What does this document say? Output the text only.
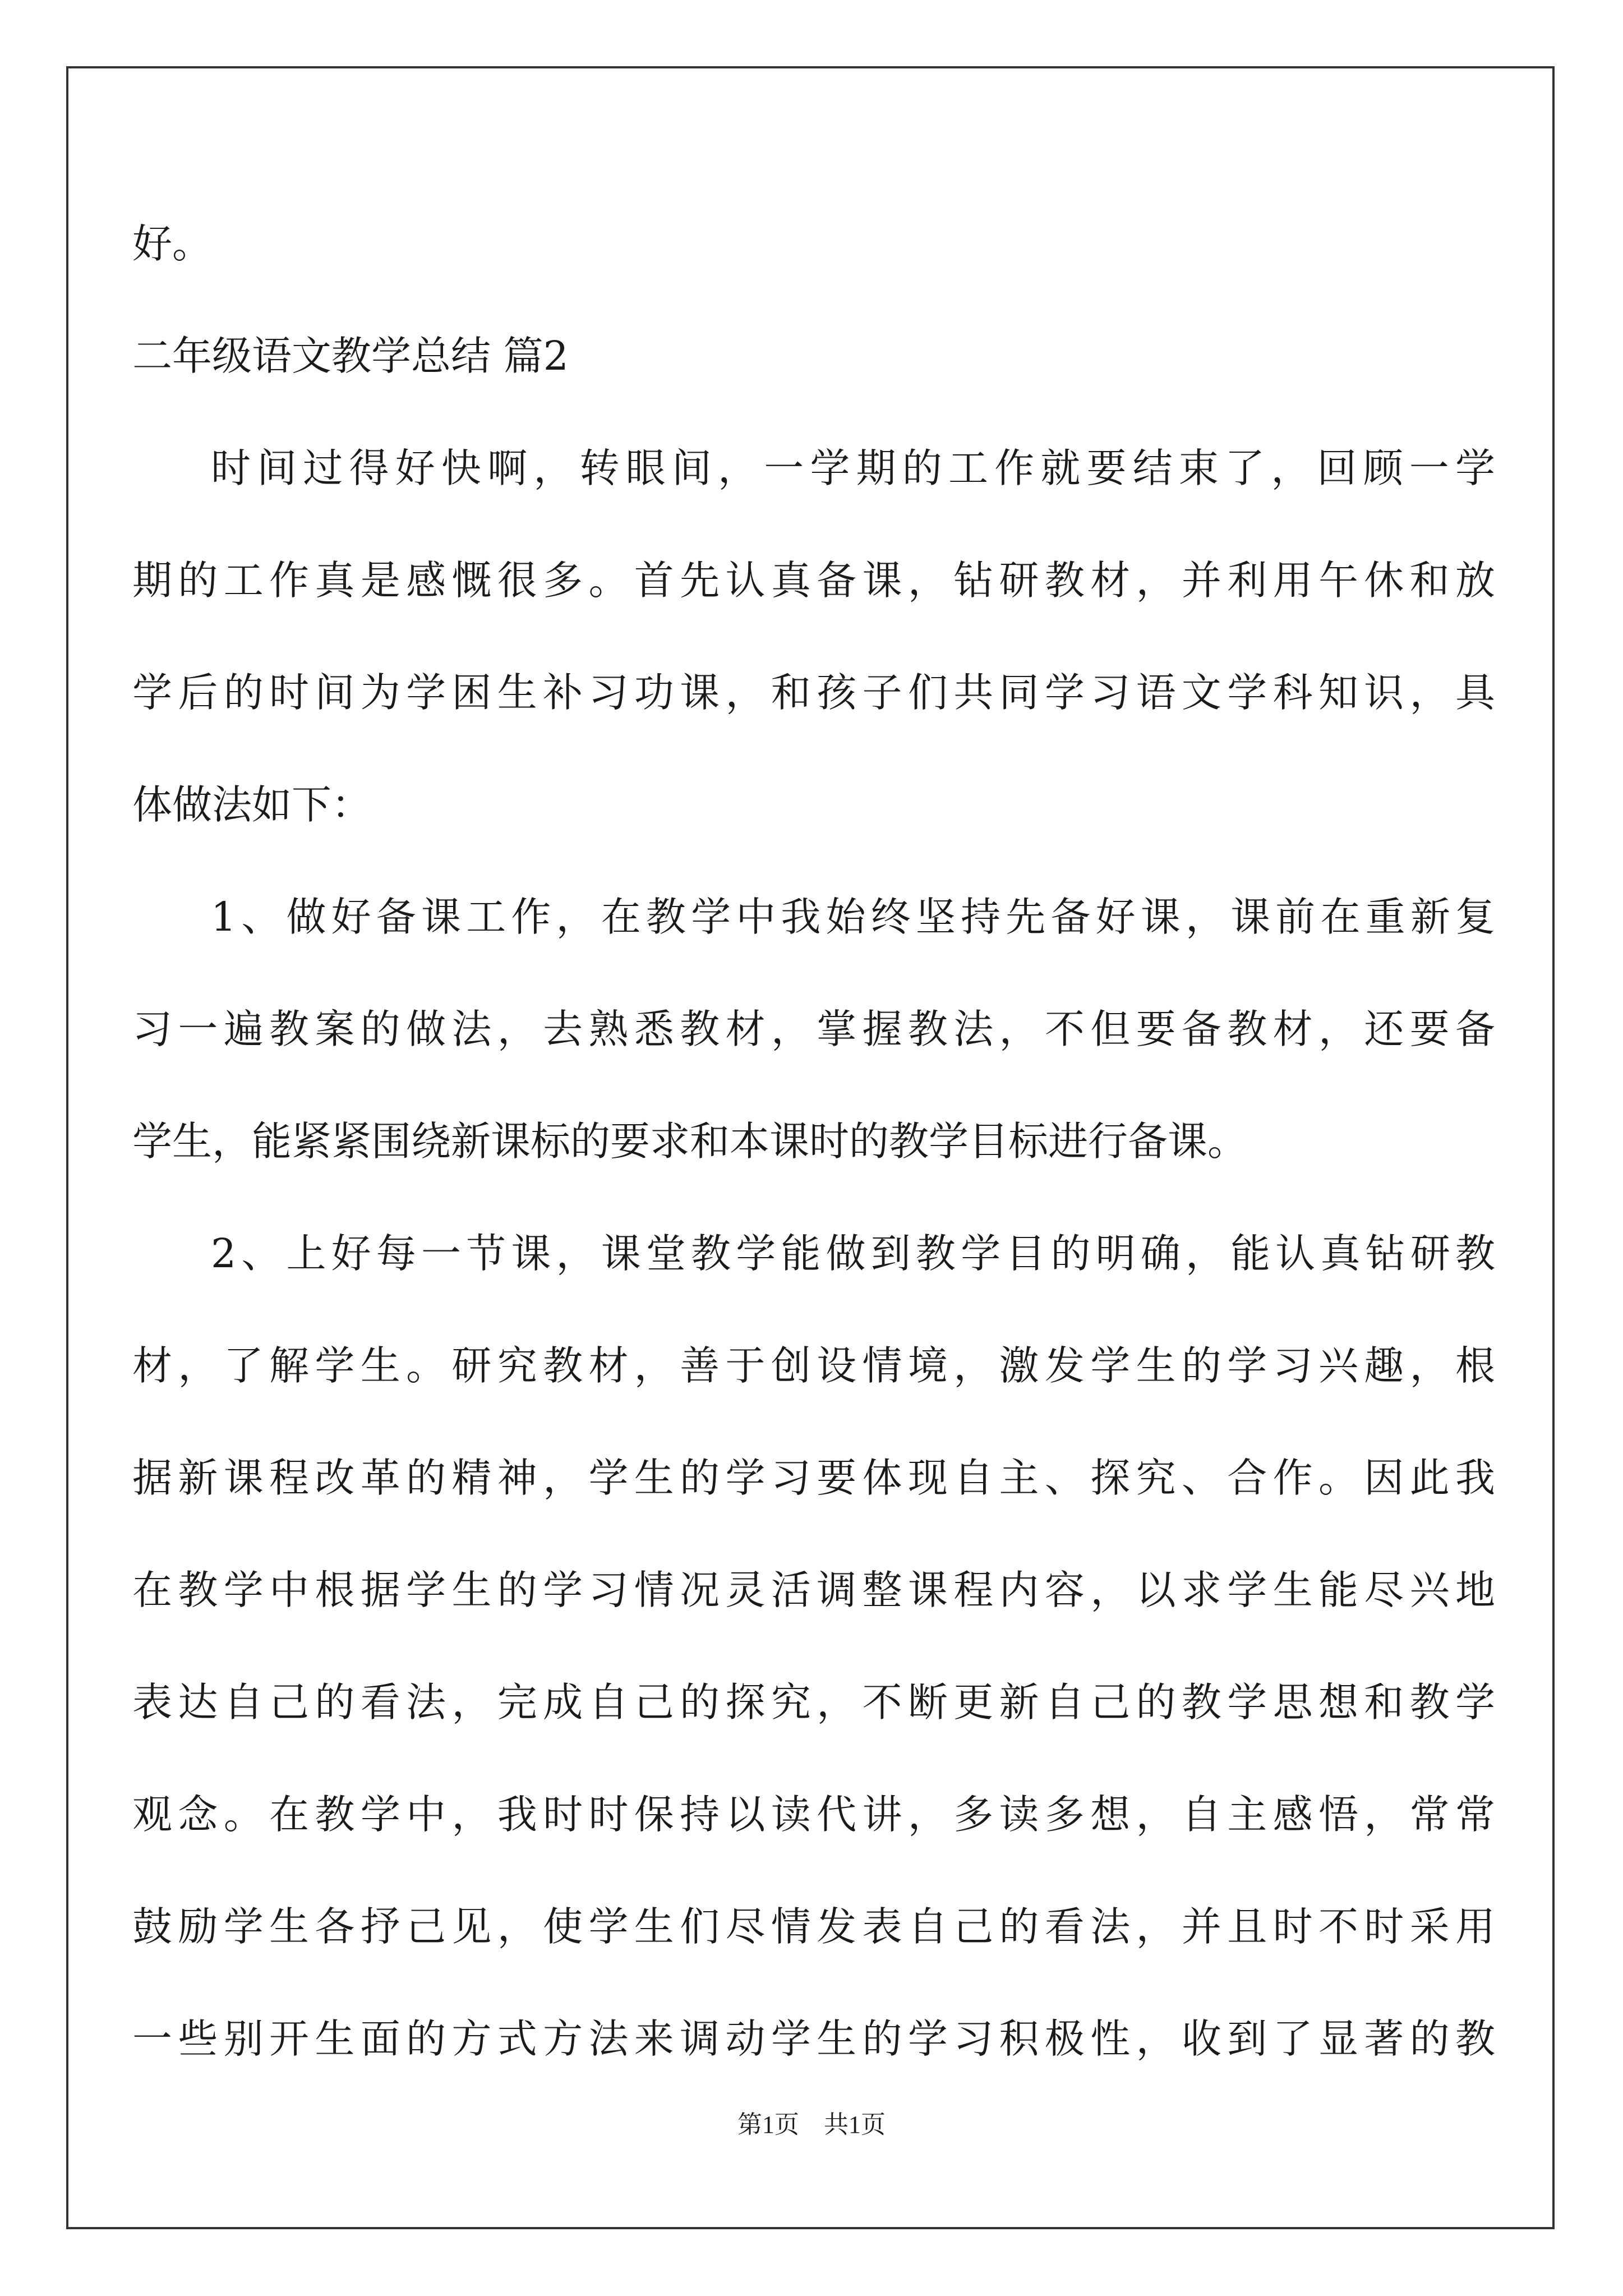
好。
二年级语文教学总结 篇2
时间过得好快啊，转眼间，一学期的工作就要结束了，回顾一学
期的工作真是感慨很多。首先认真备课，钻研教材，并利用午休和放
学后的时间为学困生补习功课，和孩子们共同学习语文学科知识，具
体做法如下：
1、做好备课工作，在教学中我始终坚持先备好课，课前在重新复
习一遍教案的做法，去熟悉教材，掌握教法，不但要备教材，还要备
学生，能紧紧围绕新课标的要求和本课时的教学目标进行备课。
2、上好每一节课，课堂教学能做到教学目的明确，能认真钻研教
材，了解学生。研究教材，善于创设情境，激发学生的学习兴趣，根
据新课程改革的精神，学生的学习要体现自主、探究、合作。因此我
在教学中根据学生的学习情况灵活调整课程内容，以求学生能尽兴地
表达自己的看法，完成自己的探究，不断更新自己的教学思想和教学
观念。在教学中，我时时保持以读代讲，多读多想，自主感悟，常常
鼓励学生各抒己见，使学生们尽情发表自己的看法，并且时不时采用
一些别开生面的方式方法来调动学生的学习积极性，收到了显著的教
第1页　共1页
